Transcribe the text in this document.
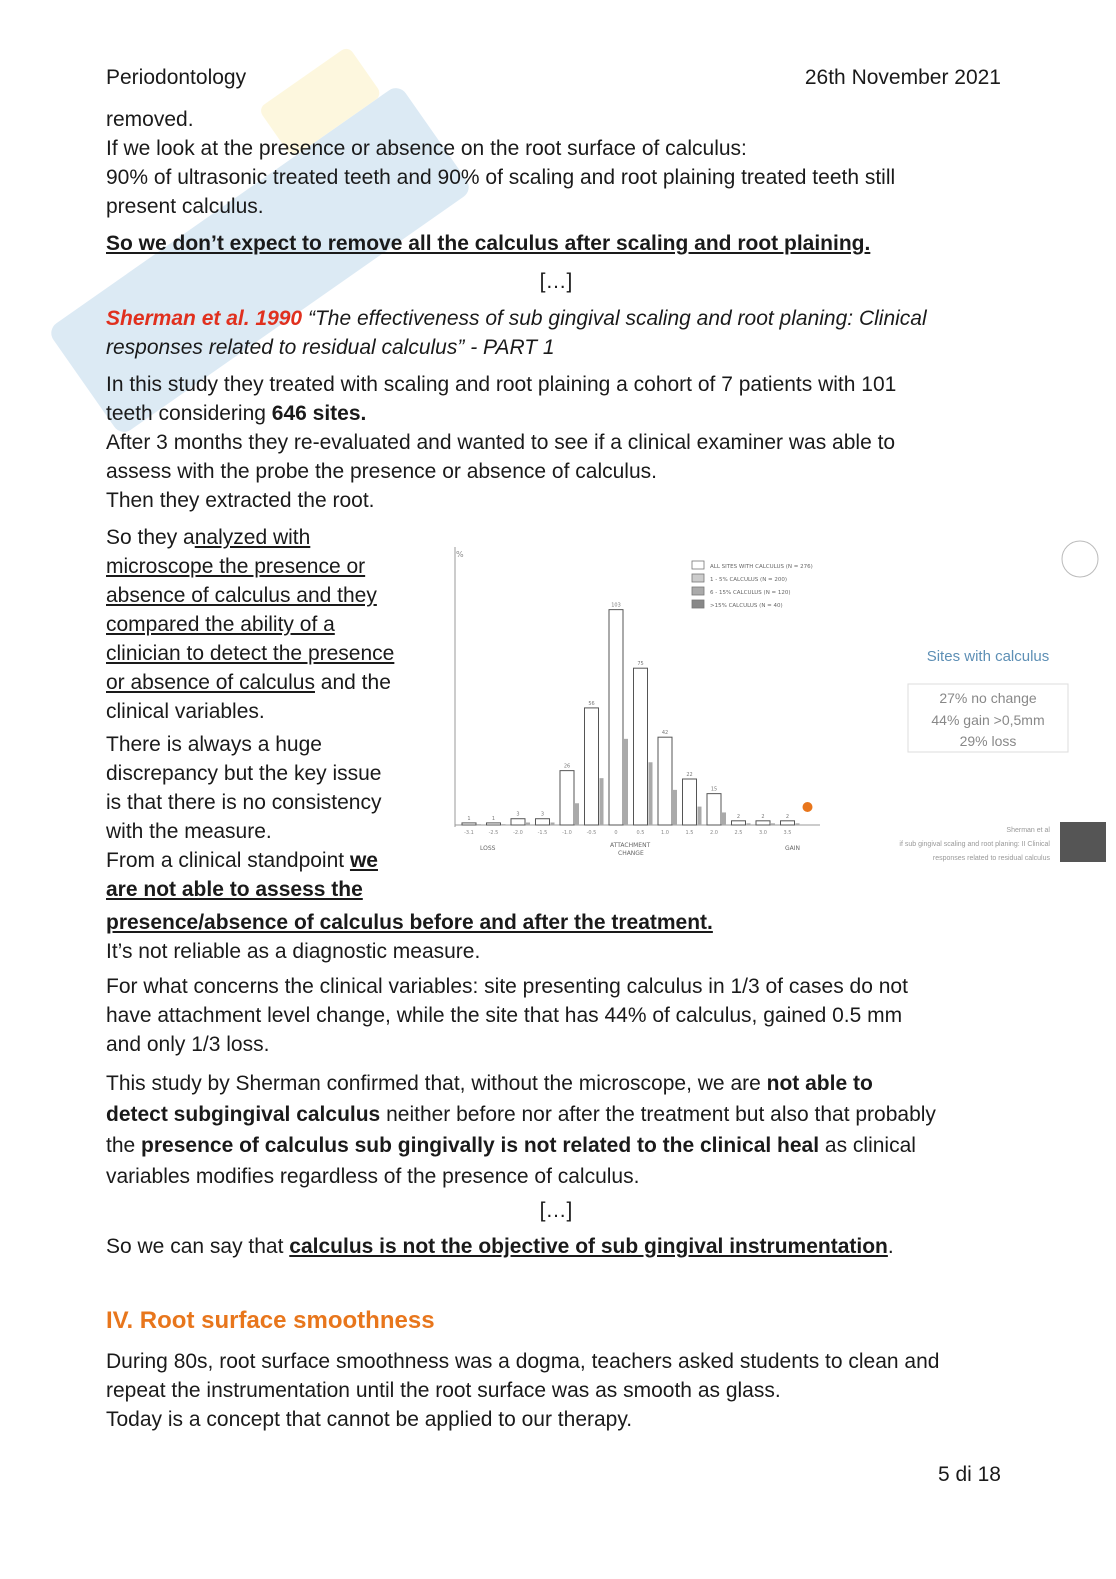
Periodontology	26th November 2021

removed.
If we look at the presence or absence on the root surface of calculus:
90% of ultrasonic treated teeth and 90% of scaling and root plaining treated teeth still
present calculus.

So we don’t expect to remove all the calculus after scaling and root plaining.

[…]

Sherman et al. 1990 “The effectiveness of sub gingival scaling and root planing: Clinical
responses related to residual calculus” - PART 1

In this study they treated with scaling and root plaining a cohort of 7 patients with 101
teeth considering 646 sites.
After 3 months they re-evaluated and wanted to see if a clinical examiner was able to
assess with the probe the presence or absence of calculus.
Then they extracted the root.

So they analyzed with
microscope the presence or
absence of calculus and they
compared the ability of a
clinician to detect the presence
or absence of calculus and the
clinical variables.

There is always a huge
discrepancy but the key issue
is that there is no consistency
with the measure.
From a clinical standpoint we
are not able to assess the

%
LOSS	ATTACHMENT
CHANGE
GAIN
1
-3.1
1
-2.5
3
-2.0
3
-1.5
26
-1.0
56
-0.5
103
0
75
0.5
42
1.0
22
1.5
15
2.0
2
2.5
2
3.0
2
3.5
ALL SITES WITH CALCULUS (N = 276)
1 - 5% CALCULUS (N = 200)
6 - 15% CALCULUS (N = 120)
>15% CALCULUS (N = 40)
Sites with calculus
27% no change
44% gain >0,5mm
29% loss
Sherman et al
if sub gingival scaling and root planing: II Clinical
responses related to residual calculus

presence/absence of calculus before and after the treatment.
It’s not reliable as a diagnostic measure.

For what concerns the clinical variables: site presenting calculus in 1/3 of cases do not
have attachment level change, while the site that has 44% of calculus, gained 0.5 mm
and only 1/3 loss.

This study by Sherman confirmed that, without the microscope, we are not able to
detect subgingival calculus neither before nor after the treatment but also that probably
the presence of calculus sub gingivally is not related to the clinical heal as clinical
variables modifies regardless of the presence of calculus.

[…]

So we can say that calculus is not the objective of sub gingival instrumentation.

IV. Root surface smoothness

During 80s, root surface smoothness was a dogma, teachers asked students to clean and
repeat the instrumentation until the root surface was as smooth as glass.
Today is a concept that cannot be applied to our therapy.

5 di 18
